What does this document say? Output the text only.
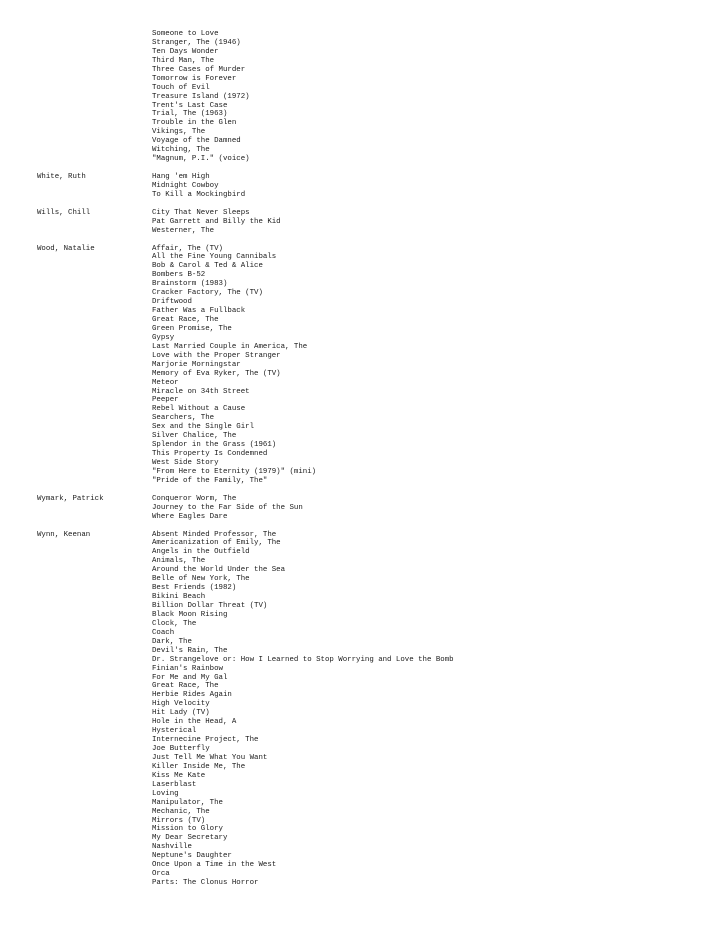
Someone to Love
Stranger, The (1946)
Ten Days Wonder
Third Man, The
Three Cases of Murder
Tomorrow is Forever
Touch of Evil
Treasure Island (1972)
Trent's Last Case
Trial, The (1963)
Trouble in the Glen
Vikings, The
Voyage of the Damned
Witching, The
"Magnum, P.I." (voice)
White, Ruth	Hang 'em High
Midnight Cowboy
To Kill a Mockingbird
Wills, Chill	City That Never Sleeps
Pat Garrett and Billy the Kid
Westerner, The
Wood, Natalie	Affair, The (TV)
All the Fine Young Cannibals
Bob & Carol & Ted & Alice
Bombers B-52
Brainstorm (1983)
Cracker Factory, The (TV)
Driftwood
Father Was a Fullback
Great Race, The
Green Promise, The
Gypsy
Last Married Couple in America, The
Love with the Proper Stranger
Marjorie Morningstar
Memory of Eva Ryker, The (TV)
Meteor
Miracle on 34th Street
Peeper
Rebel Without a Cause
Searchers, The
Sex and the Single Girl
Silver Chalice, The
Splendor in the Grass (1961)
This Property Is Condemned
West Side Story
"From Here to Eternity (1979)" (mini)
"Pride of the Family, The"
Wymark, Patrick	Conqueror Worm, The
Journey to the Far Side of the Sun
Where Eagles Dare
Wynn, Keenan	Absent Minded Professor, The
Americanization of Emily, The
Angels in the Outfield
Animals, The
Around the World Under the Sea
Belle of New York, The
Best Friends (1982)
Bikini Beach
Billion Dollar Threat (TV)
Black Moon Rising
Clock, The
Coach
Dark, The
Devil's Rain, The
Dr. Strangelove or: How I Learned to Stop Worrying and Love the Bomb
Finian's Rainbow
For Me and My Gal
Great Race, The
Herbie Rides Again
High Velocity
Hit Lady (TV)
Hole in the Head, A
Hysterical
Internecine Project, The
Joe Butterfly
Just Tell Me What You Want
Killer Inside Me, The
Kiss Me Kate
Laserblast
Loving
Manipulator, The
Mechanic, The
Mirrors (TV)
Mission to Glory
My Dear Secretary
Nashville
Neptune's Daughter
Once Upon a Time in the West
Orca
Parts: The Clonus Horror
